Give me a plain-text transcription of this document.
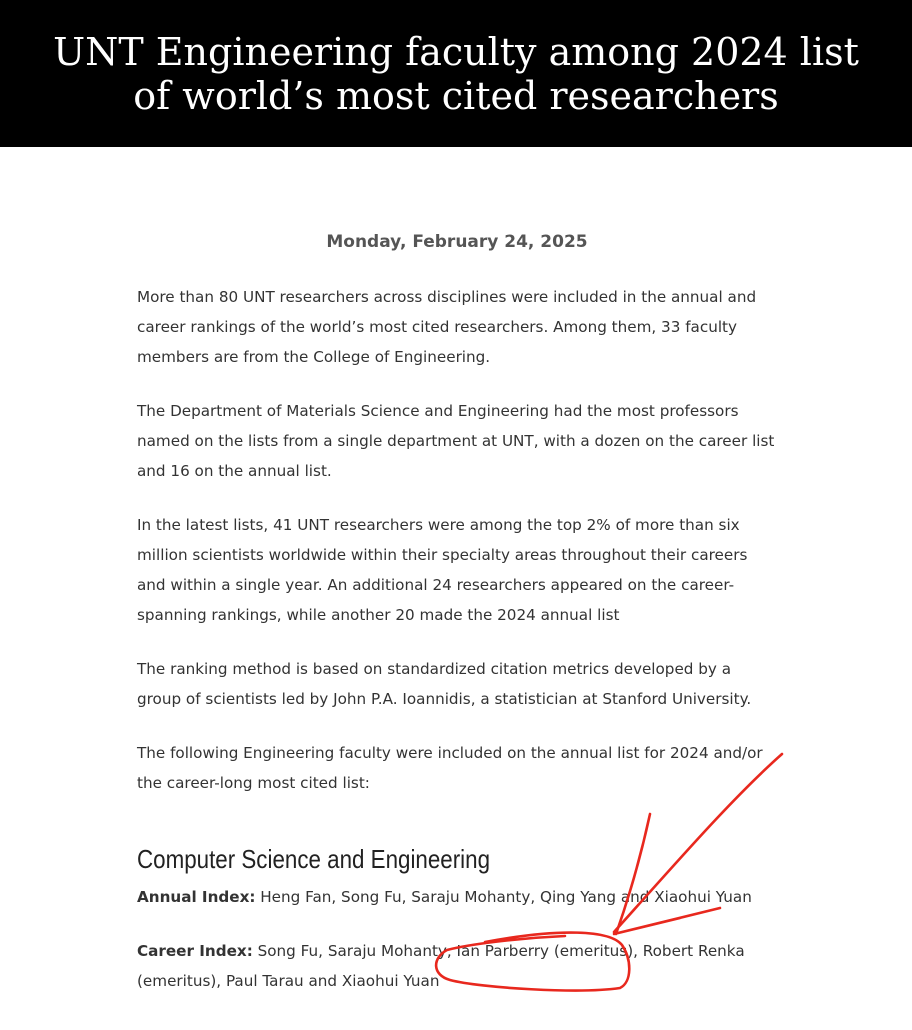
UNT Engineering faculty among 2024 list of world’s most cited researchers
Monday, February 24, 2025

More than 80 UNT researchers across disciplines were included in the annual and career rankings of the world’s most cited researchers. Among them, 33 faculty members are from the College of Engineering.

The Department of Materials Science and Engineering had the most professors named on the lists from a single department at UNT, with a dozen on the career list and 16 on the annual list.

In the latest lists, 41 UNT researchers were among the top 2% of more than six million scientists worldwide within their specialty areas throughout their careers and within a single year. An additional 24 researchers appeared on the career-spanning rankings, while another 20 made the 2024 annual list

The ranking method is based on standardized citation metrics developed by a group of scientists led by John P.A. Ioannidis, a statistician at Stanford University.

The following Engineering faculty were included on the annual list for 2024 and/or the career-long most cited list:

Computer Science and Engineering

Annual Index: Heng Fan, Song Fu, Saraju Mohanty, Qing Yang and Xiaohui Yuan

Career Index: Song Fu, Saraju Mohanty, Ian Parberry (emeritus), Robert Renka (emeritus), Paul Tarau and Xiaohui Yuan
